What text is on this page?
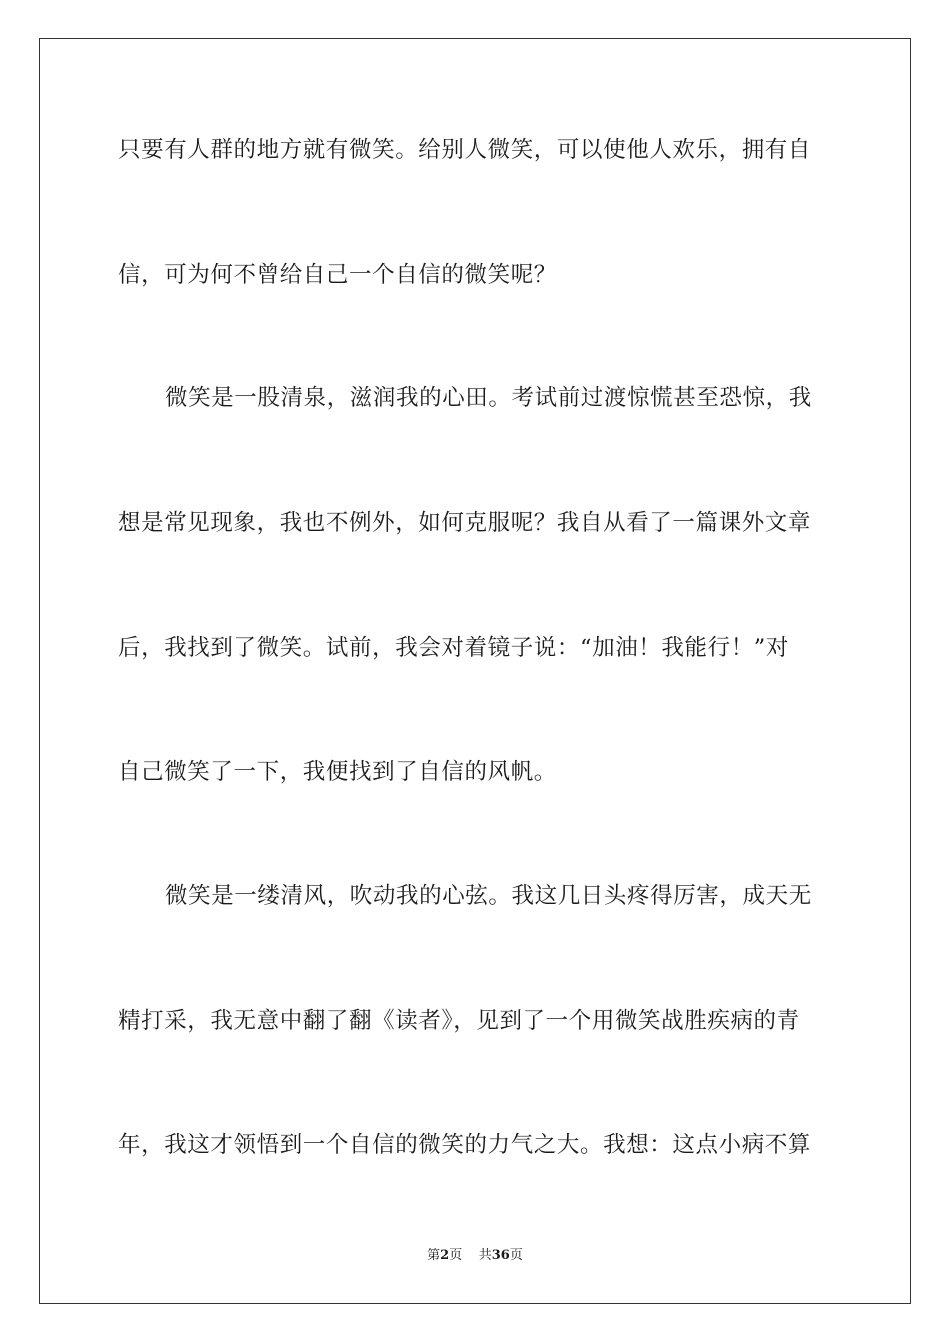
只要有人群的地方就有微笑。给别人微笑，可以使他人欢乐，拥有自
信，可为何不曾给自己一个自信的微笑呢？
微笑是一股清泉，滋润我的心田。考试前过渡惊慌甚至恐惊，我
想是常见现象，我也不例外，如何克服呢？我自从看了一篇课外文章
后，我找到了微笑。试前，我会对着镜子说：“加油！我能行！”对
自己微笑了一下，我便找到了自信的风帆。
微笑是一缕清风，吹动我的心弦。我这几日头疼得厉害，成天无
精打采，我无意中翻了翻《读者》，见到了一个用微笑战胜疾病的青
年，我这才领悟到一个自信的微笑的力气之大。我想：这点小病不算
第2页 共36页
